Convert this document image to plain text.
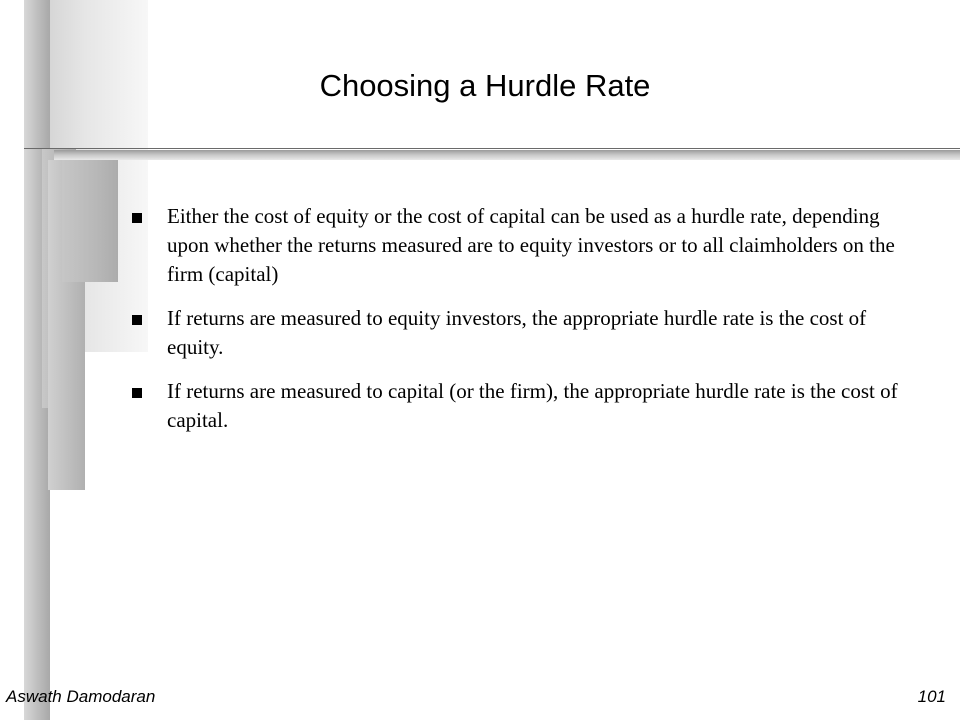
Choosing a Hurdle Rate
Either the cost of equity or the cost of capital can be used as a hurdle rate, depending upon whether the returns measured are to equity investors or to all claimholders on the firm (capital)
If returns are measured to equity investors, the appropriate hurdle rate is the cost of equity.
If returns are measured to capital (or the firm), the appropriate hurdle rate is the cost of capital.
Aswath Damodaran	101
